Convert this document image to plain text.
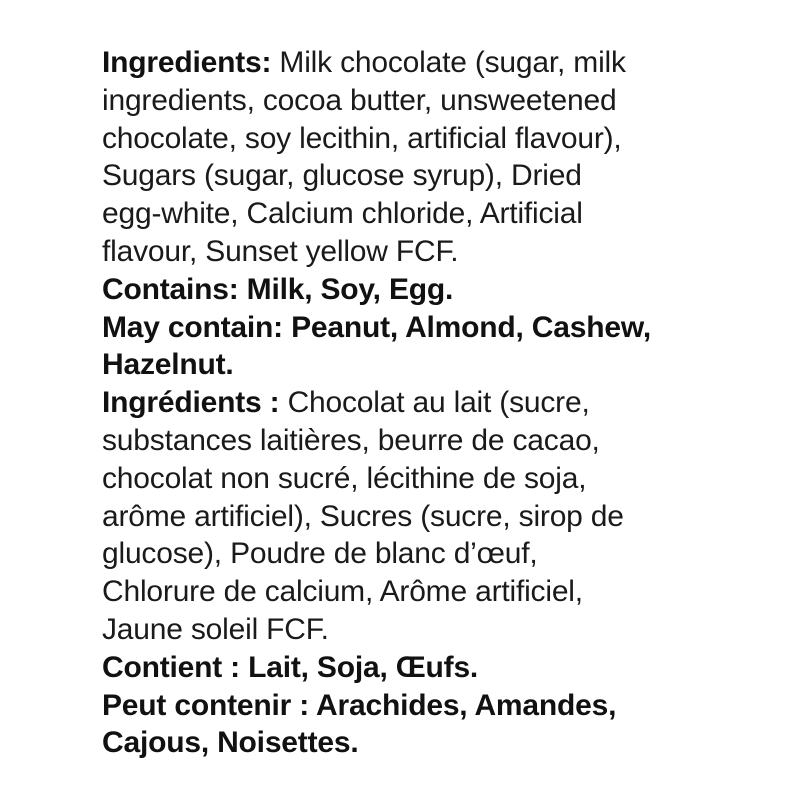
Ingredients: Milk chocolate (sugar, milk
ingredients, cocoa butter, unsweetened
chocolate, soy lecithin, artificial flavour),
Sugars (sugar, glucose syrup), Dried
egg-white, Calcium chloride, Artificial
flavour, Sunset yellow FCF.
Contains: Milk, Soy, Egg.
May contain: Peanut, Almond, Cashew,
Hazelnut.
Ingrédients : Chocolat au lait (sucre,
substances laitières, beurre de cacao,
chocolat non sucré, lécithine de soja,
arôme artificiel), Sucres (sucre, sirop de
glucose), Poudre de blanc d’œuf,
Chlorure de calcium, Arôme artificiel,
Jaune soleil FCF.
Contient : Lait, Soja, Œufs.
Peut contenir : Arachides, Amandes,
Cajous, Noisettes.
